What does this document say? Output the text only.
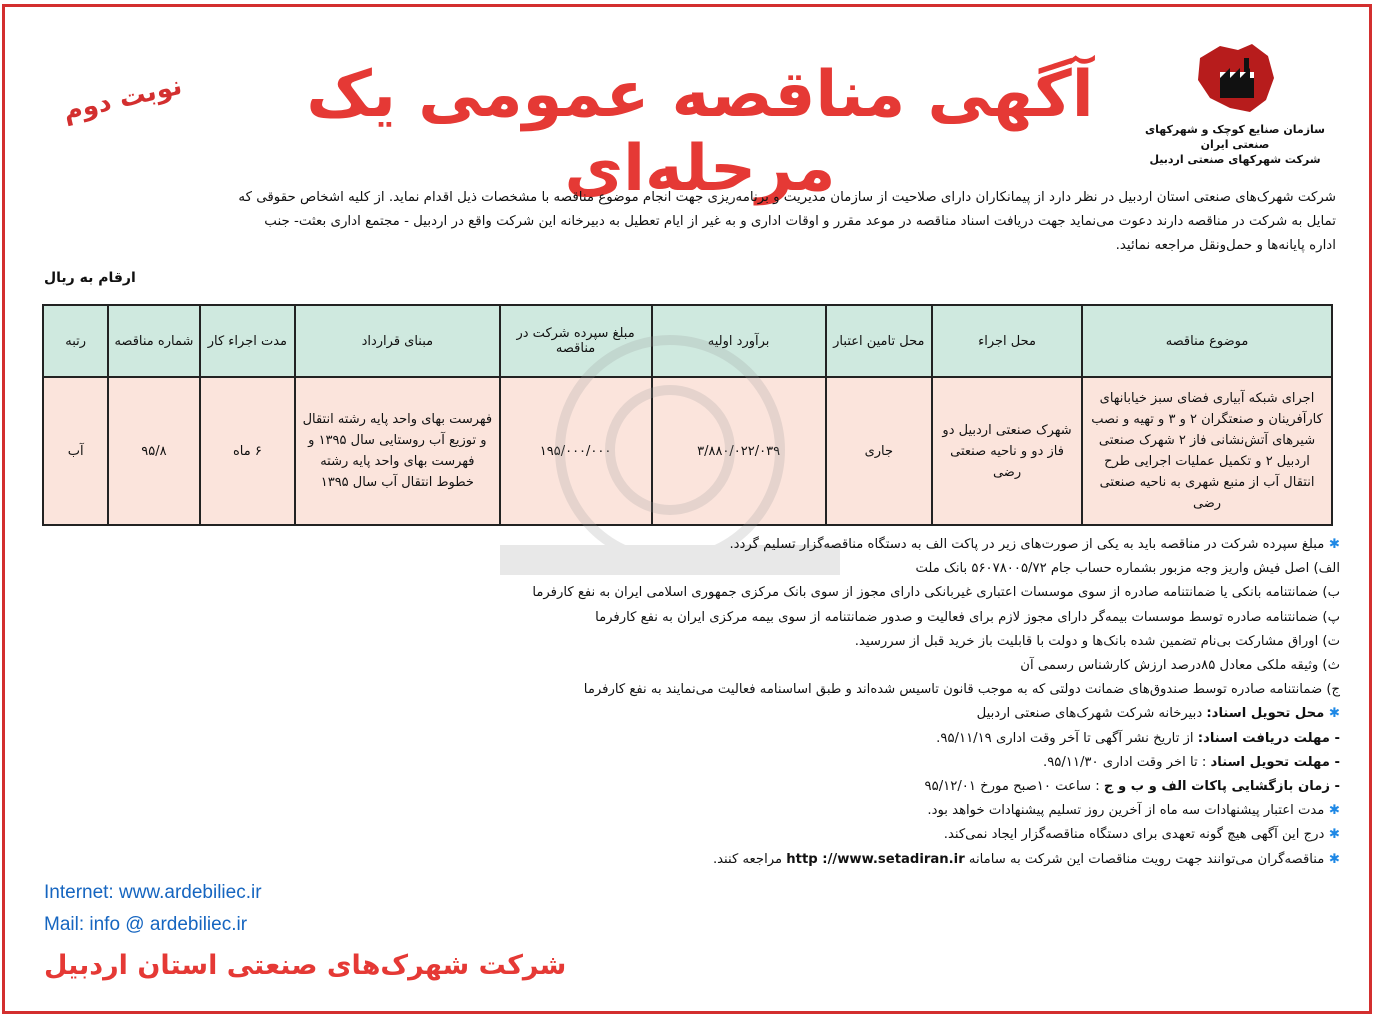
سازمان صنایع کوچک و شهرکهای صنعتی ایران
شرکت شهرکهای صنعتی اردبیل
آگهی مناقصه عمومی یک مرحله‌ای
نوبت دوم
شرکت شهرک‌های صنعتی استان اردبیل در نظر دارد از پیمانکاران دارای صلاحیت از سازمان مدیریت و برنامه‌ریزی جهت انجام موضوع مناقصه با مشخصات ذیل اقدام نماید. از کلیه اشخاص حقوقی که
تمایل به شرکت در مناقصه دارند دعوت می‌نماید جهت دریافت اسناد مناقصه در موعد مقرر و اوقات اداری و به غیر از ایام تعطیل به دبیرخانه این شرکت واقع در اردبیل - مجتمع اداری بعثت- جنب
اداره پایانه‌ها و حمل‌ونقل مراجعه نمائید.
ارقام به ریال
موضوع مناقصه	محل اجراء	محل تامین اعتبار	برآورد اولیه	مبلغ سپرده شرکت در مناقصه	مبنای قرارداد	مدت اجراء کار	شماره مناقصه	رتبه
اجرای شبکه آبیاری فضای سبز خیابانهای کارآفرینان و صنعتگران ۲ و ۳ و تهیه و نصب شیرهای آتش‌نشانی فاز ۲ شهرک صنعتی اردبیل ۲ و تکمیل عملیات اجرایی طرح انتقال آب از منبع شهری به ناحیه صنعتی رضی	شهرک صنعتی اردبیل دو فاز دو و ناحیه صنعتی رضی	جاری	۳/۸۸۰/۰۲۲/۰۳۹	۱۹۵/۰۰۰/۰۰۰	فهرست بهای واحد پایه رشته انتقال و توزیع آب روستایی سال ۱۳۹۵ و فهرست بهای واحد پایه رشته خطوط انتقال آب سال ۱۳۹۵	۶ ماه	۹۵/۸	آب
✱ مبلغ سپرده شرکت در مناقصه باید به یکی از صورت‌های زیر در پاکت الف به دستگاه مناقصه‌گزار تسلیم گردد.
الف) اصل فیش واریز وجه مزبور بشماره حساب جام ۵۶۰۷۸۰۰۵/۷۲ بانک ملت
ب) ضمانتنامه بانکی یا ضمانتنامه صادره از سوی موسسات اعتباری غیربانکی دارای مجوز از سوی بانک مرکزی جمهوری اسلامی ایران به نفع کارفرما
پ) ضمانتنامه صادره توسط موسسات بیمه‌گر دارای مجوز لازم برای فعالیت و صدور ضمانتنامه از سوی بیمه مرکزی ایران به نفع کارفرما
ت) اوراق مشارکت بی‌نام تضمین شده بانک‌ها و دولت با قابلیت باز خرید قبل از سررسید.
ث) وثیقه ملکی معادل ۸۵درصد ارزش کارشناس رسمی آن
ج) ضمانتنامه صادره توسط صندوق‌های ضمانت دولتی که به موجب قانون تاسیس شده‌اند و طبق اساسنامه فعالیت می‌نمایند به نفع کارفرما
✱ محل تحویل اسناد: دبیرخانه شرکت شهرک‌های صنعتی اردبیل
- مهلت دریافت اسناد: از تاریخ نشر آگهی تا آخر وقت اداری ۹۵/۱۱/۱۹.
- مهلت تحویل اسناد : تا اخر وقت اداری ۹۵/۱۱/۳۰.
- زمان بازگشایی پاکات الف و ب و ج : ساعت ۱۰صبح مورخ ۹۵/۱۲/۰۱
✱ مدت اعتبار پیشنهادات سه ماه از آخرین روز تسلیم پیشنهادات خواهد بود.
✱ درج این آگهی هیچ گونه تعهدی برای دستگاه مناقصه‌گزار ایجاد نمی‌کند.
✱ مناقصه‌گران می‌توانند جهت رویت مناقصات این شرکت به سامانه http ://www.setadiran.ir مراجعه کنند.
Internet: www.ardebiliec.ir
Mail: info @ ardebiliec.ir
شرکت شهرک‌های صنعتی استان اردبیل
